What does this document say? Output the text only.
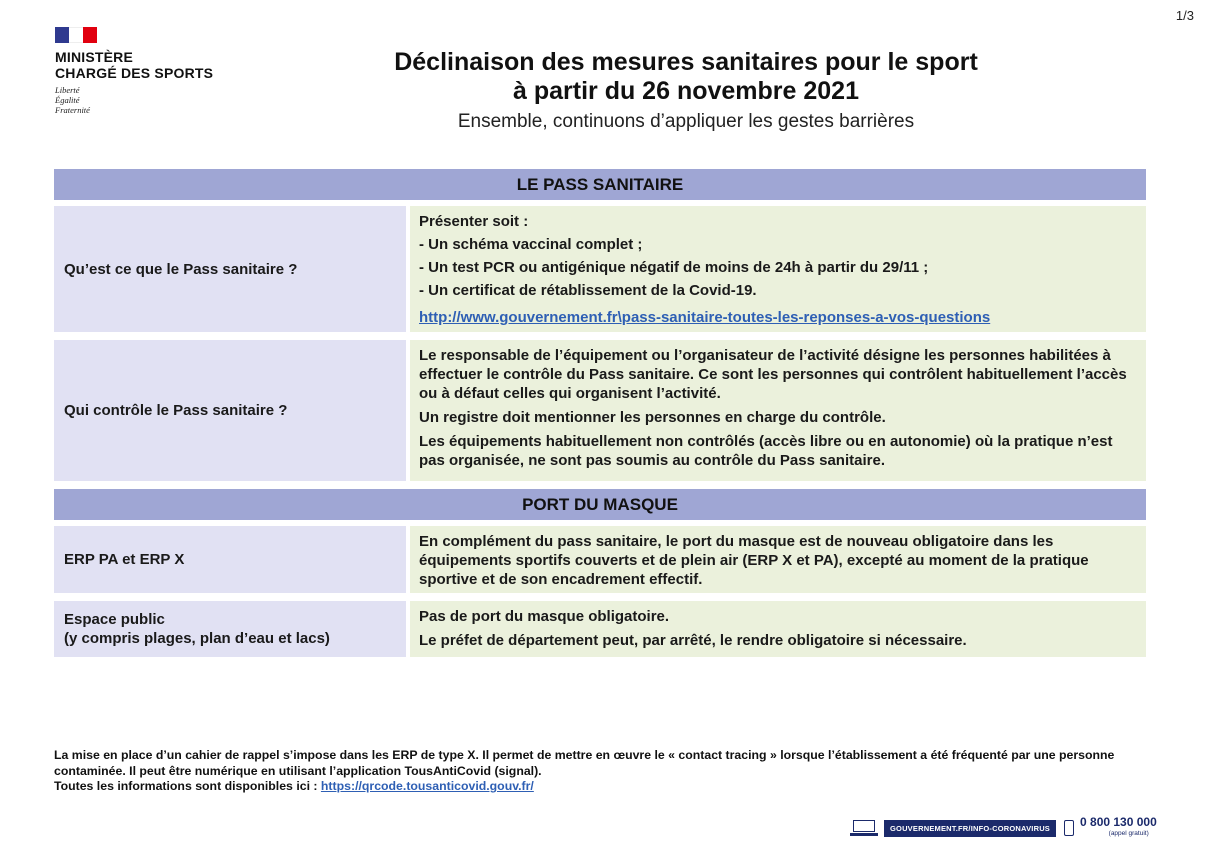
1/3
MINISTÈRE
CHARGÉ DES SPORTS
Liberté
Égalité
Fraternité
Déclinaison des mesures sanitaires pour le sport
à partir du 26 novembre 2021
Ensemble, continuons d’appliquer les gestes barrières
LE PASS SANITAIRE
Qu’est ce que le Pass sanitaire ?

Présenter soit :

- Un schéma vaccinal complet ;

- Un test PCR ou antigénique négatif de moins de 24h à partir du 29/11 ;

- Un certificat de rétablissement de la Covid-19.

http://www.gouvernement.fr\pass-sanitaire-toutes-les-reponses-a-vos-questions

Qui contrôle le Pass sanitaire ?

Le responsable de l’équipement ou l’organisateur de l’activité désigne les personnes habilitées à effectuer le contrôle du Pass sanitaire. Ce sont les personnes qui contrôlent habituellement l’accès ou à défaut celles qui organisent l’activité.

Un registre doit mentionner les personnes en charge du contrôle.

Les équipements habituellement non contrôlés (accès libre ou en autonomie) où la pratique n’est pas organisée, ne sont pas soumis au contrôle du Pass sanitaire.

PORT DU MASQUE
ERP PA et ERP X

En complément du pass sanitaire, le port du masque est de nouveau obligatoire dans les équipements sportifs couverts et de plein air (ERP X et PA), excepté au moment de la pratique sportive et de son encadrement effectif.

Espace public
(y compris plages, plan d’eau et lacs)

Pas de port du masque obligatoire.

Le préfet de département peut, par arrêté, le rendre obligatoire si nécessaire.

La mise en place d’un cahier de rappel s’impose dans les ERP de type X. Il permet de mettre en œuvre le « contact tracing » lorsque l’établissement a été fréquenté par une personne contaminée. Il peut être numérique en utilisant l’application TousAntiCovid (signal).
Toutes les informations sont disponibles ici : https://qrcode.tousanticovid.gouv.fr/
GOUVERNEMENT.FR/INFO-CORONAVIRUS	0 800 130 000
(appel gratuit)
